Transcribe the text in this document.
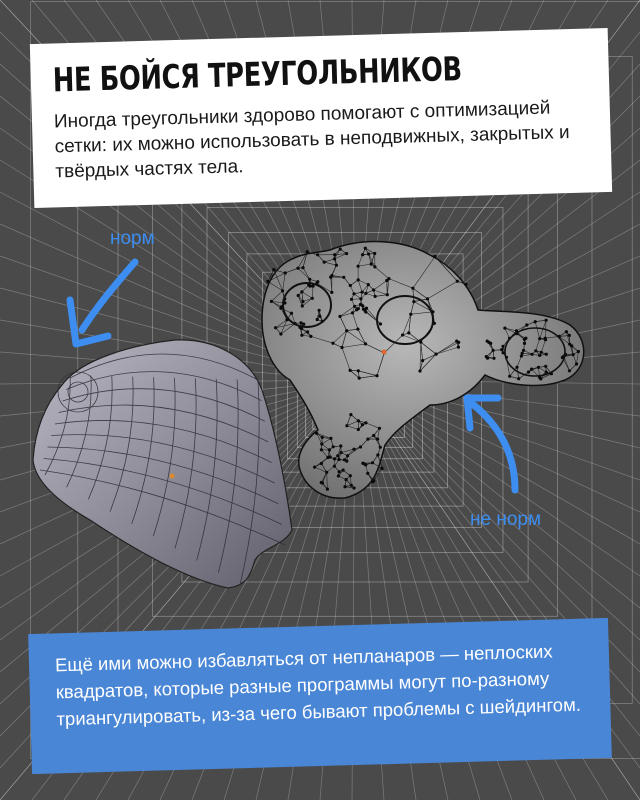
НЕ БОЙСЯ ТРЕУГОЛЬНИКОВ

Иногда треугольники здорово помогают с оптимизацией сетки: их можно использовать в неподвижных, закрытых и твёрдых частях тела.

норм
не норм

Ещё ими можно избавляться от непланаров — неплоских квадратов, которые разные программы могут по-разному триангулировать, из-за чего бывают проблемы с шейдингом.
